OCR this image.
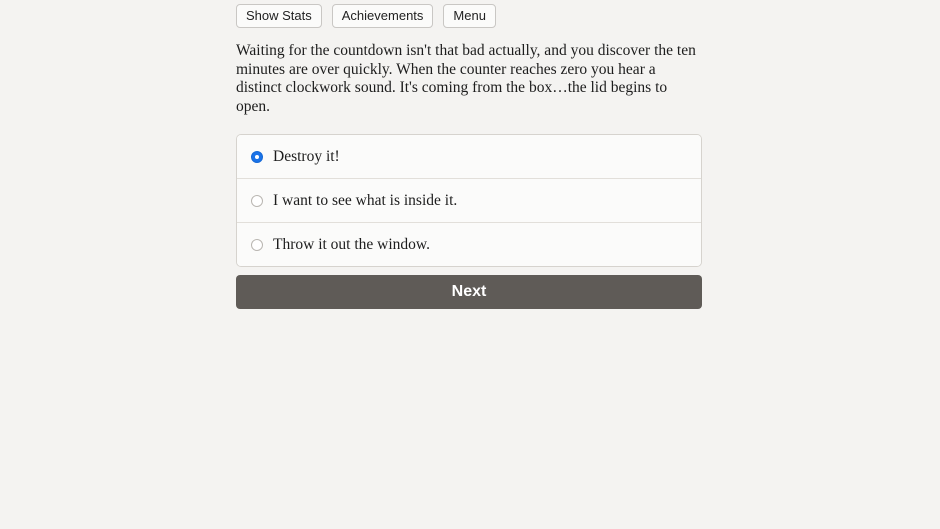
Show Stats	Achievements	Menu
Waiting for the countdown isn't that bad actually, and you discover the ten minutes are over quickly. When the counter reaches zero you hear a distinct clockwork sound. It's coming from the box…the lid begins to open.
Destroy it!
I want to see what is inside it.
Throw it out the window.
Next
